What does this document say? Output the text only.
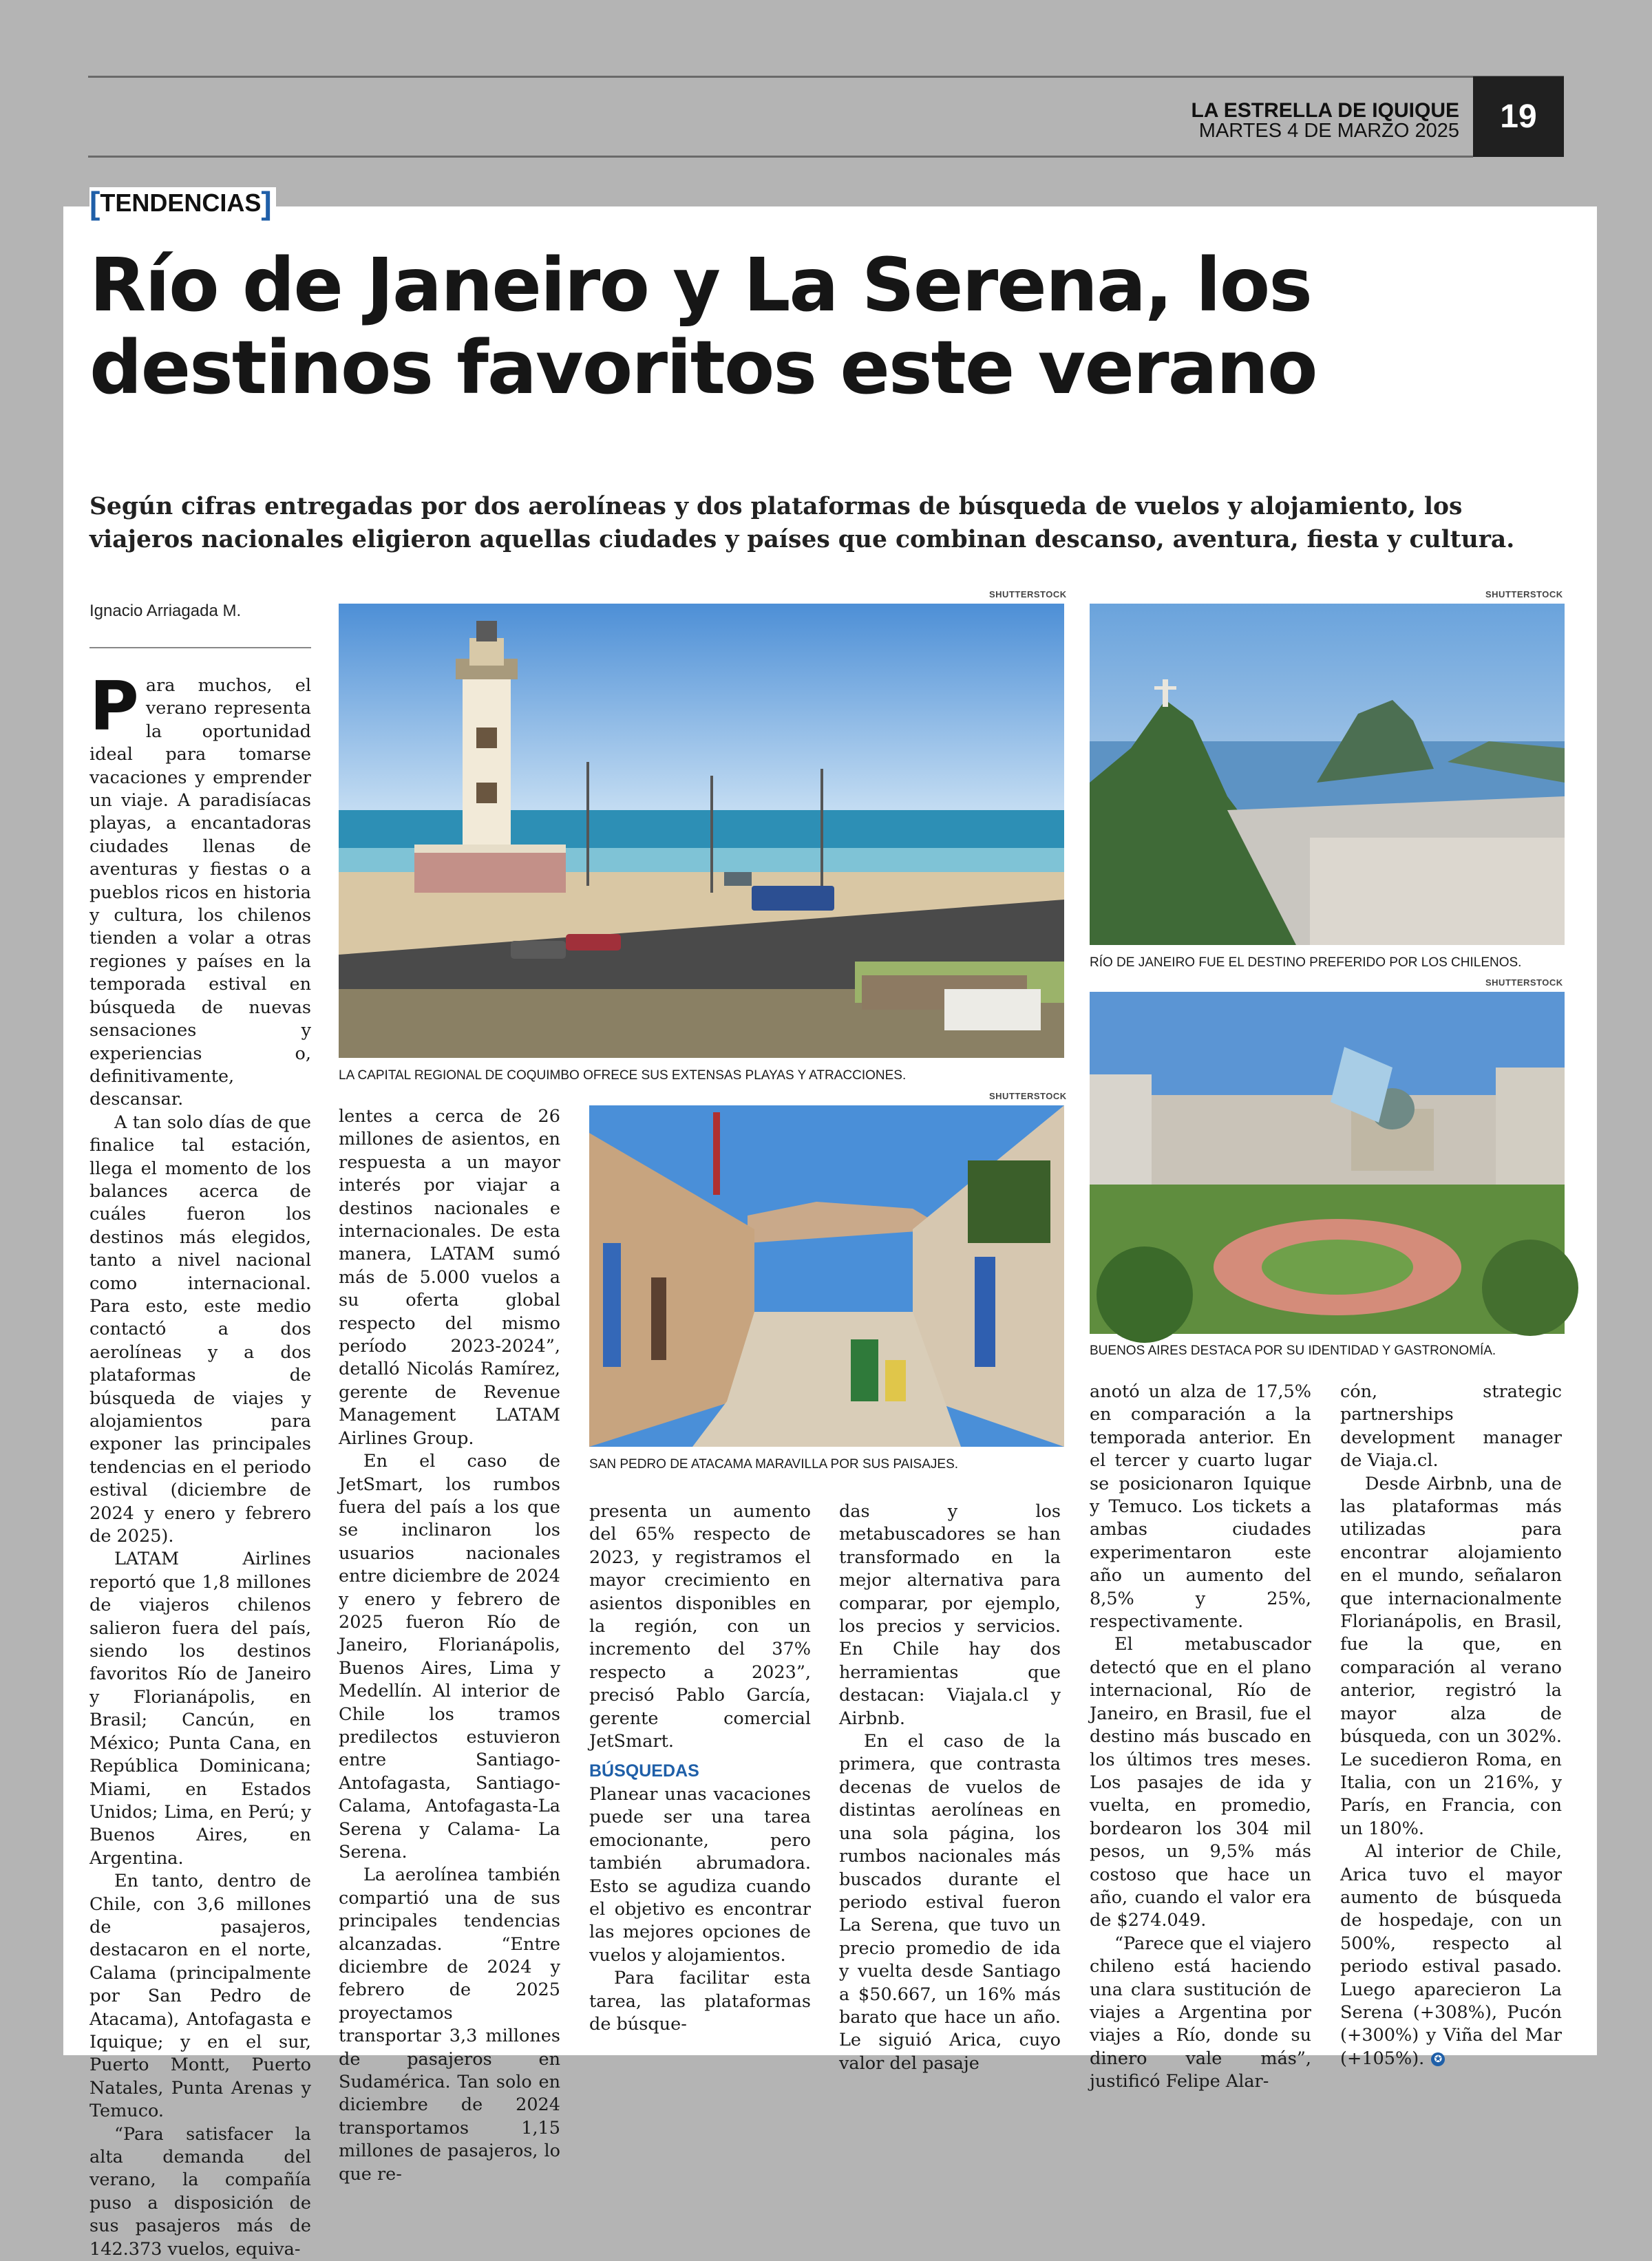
LA ESTRELLA DE IQUIQUE
MARTES 4 DE MARZO 2025	19
[ TENDENCIAS ]
Río de Janeiro y La Serena, los destinos favoritos este verano
Según cifras entregadas por dos aerolíneas y dos plataformas de búsqueda de vuelos y alojamiento, los viajeros nacionales eligieron aquellas ciudades y países que combinan descanso, aventura, fiesta y cultura.
Ignacio Arriagada M.
SHUTTERSTOCK
LA CAPITAL REGIONAL DE COQUIMBO OFRECE SUS EXTENSAS PLAYAS Y ATRACCIONES.
SHUTTERSTOCK
RÍO DE JANEIRO FUE EL DESTINO PREFERIDO POR LOS CHILENOS.
SHUTTERSTOCK
BUENOS AIRES DESTACA POR SU IDENTIDAD Y GASTRONOMÍA.
SHUTTERSTOCK
SAN PEDRO DE ATACAMA MARAVILLA POR SUS PAISAJES.

Para muchos, el verano representa la oportunidad ideal para tomarse vacaciones y emprender un viaje. A paradisíacas playas, a encantadoras ciudades llenas de aventuras y fiestas o a pueblos ricos en historia y cultura, los chilenos tienden a volar a otras regiones y países en la temporada estival en búsqueda de nuevas sensaciones y experiencias o, definitivamente, descansar.

A tan solo días de que finalice tal estación, llega el momento de los balances acerca de cuáles fueron los destinos más elegidos, tanto a nivel nacional como internacional. Para esto, este medio contactó a dos aerolíneas y a dos plataformas de búsqueda de viajes y alojamientos para exponer las principales tendencias en el periodo estival (diciembre de 2024 y enero y febrero de 2025).

LATAM Airlines reportó que 1,8 millones de viajeros chilenos salieron fuera del país, siendo los destinos favoritos Río de Janeiro y Florianápolis, en Brasil; Cancún, en México; Punta Cana, en República Dominicana; Miami, en Estados Unidos; Lima, en Perú; y Buenos Aires, en Argentina.

En tanto, dentro de Chile, con 3,6 millones de pasajeros, destacaron en el norte, Calama (principalmente por San Pedro de Atacama), Antofagasta e Iquique; y en el sur, Puerto Montt, Puerto Natales, Punta Arenas y Temuco.

“Para satisfacer la alta demanda del verano, la compañía puso a disposición de sus pasajeros más de 142.373 vuelos, equiva-

lentes a cerca de 26 millones de asientos, en respuesta a un mayor interés por viajar a destinos nacionales e internacionales. De esta manera, LATAM sumó más de 5.000 vuelos a su oferta global respecto del mismo período 2023-2024”, detalló Nicolás Ramírez, gerente de Revenue Management LATAM Airlines Group.

En el caso de JetSmart, los rumbos fuera del país a los que se inclinaron los usuarios nacionales entre diciembre de 2024 y enero y febrero de 2025 fueron Río de Janeiro, Florianápolis, Buenos Aires, Lima y Medellín. Al interior de Chile los tramos predilectos estuvieron entre Santiago-Antofagasta, Santiago-Calama, Antofagasta-La Serena y Calama- La Serena.

La aerolínea también compartió una de sus principales tendencias alcanzadas. “Entre diciembre de 2024 y febrero de 2025 proyectamos transportar 3,3 millones de pasajeros en Sudamérica. Tan solo en diciembre de 2024 transportamos 1,15 millones de pasajeros, lo que re-

presenta un aumento del 65% respecto de 2023, y registramos el mayor crecimiento en asientos disponibles en la región, con un incremento del 37% respecto a 2023”, precisó Pablo García, gerente comercial JetSmart.

BÚSQUEDAS

Planear unas vacaciones puede ser una tarea emocionante, pero también abrumadora. Esto se agudiza cuando el objetivo es encontrar las mejores opciones de vuelos y alojamientos.

Para facilitar esta tarea, las plataformas de búsque-

das y los metabuscadores se han transformado en la mejor alternativa para comparar, por ejemplo, los precios y servicios. En Chile hay dos herramientas que destacan: Viajala.cl y Airbnb.

En el caso de la primera, que contrasta decenas de vuelos de distintas aerolíneas en una sola página, los rumbos nacionales más buscados durante el periodo estival fueron La Serena, que tuvo un precio promedio de ida y vuelta desde Santiago a $50.667, un 16% más barato que hace un año. Le siguió Arica, cuyo valor del pasaje

anotó un alza de 17,5% en comparación a la temporada anterior. En el tercer y cuarto lugar se posicionaron Iquique y Temuco. Los tickets a ambas ciudades experimentaron este año un aumento del 8,5% y 25%, respectivamente.

El metabuscador detectó que en el plano internacional, Río de Janeiro, en Brasil, fue el destino más buscado en los últimos tres meses. Los pasajes de ida y vuelta, en promedio, bordearon los 304 mil pesos, un 9,5% más costoso que hace un año, cuando el valor era de $274.049.

“Parece que el viajero chileno está haciendo una clara sustitución de viajes a Argentina por viajes a Río, donde su dinero vale más”, justificó Felipe Alar-

cón, strategic partnerships development manager de Viaja.cl.

Desde Airbnb, una de las plataformas más utilizadas para encontrar alojamiento en el mundo, señalaron que internacionalmente Florianápolis, en Brasil, fue la que, en comparación al verano anterior, registró la mayor alza de búsqueda, con un 302%. Le sucedieron Roma, en Italia, con un 216%, y París, en Francia, con un 180%.

Al interior de Chile, Arica tuvo el mayor aumento de búsqueda de hospedaje, con un 500%, respecto al periodo estival pasado. Luego aparecieron La Serena (+308%), Pucón (+300%) y Viña del Mar (+105%). ✪
